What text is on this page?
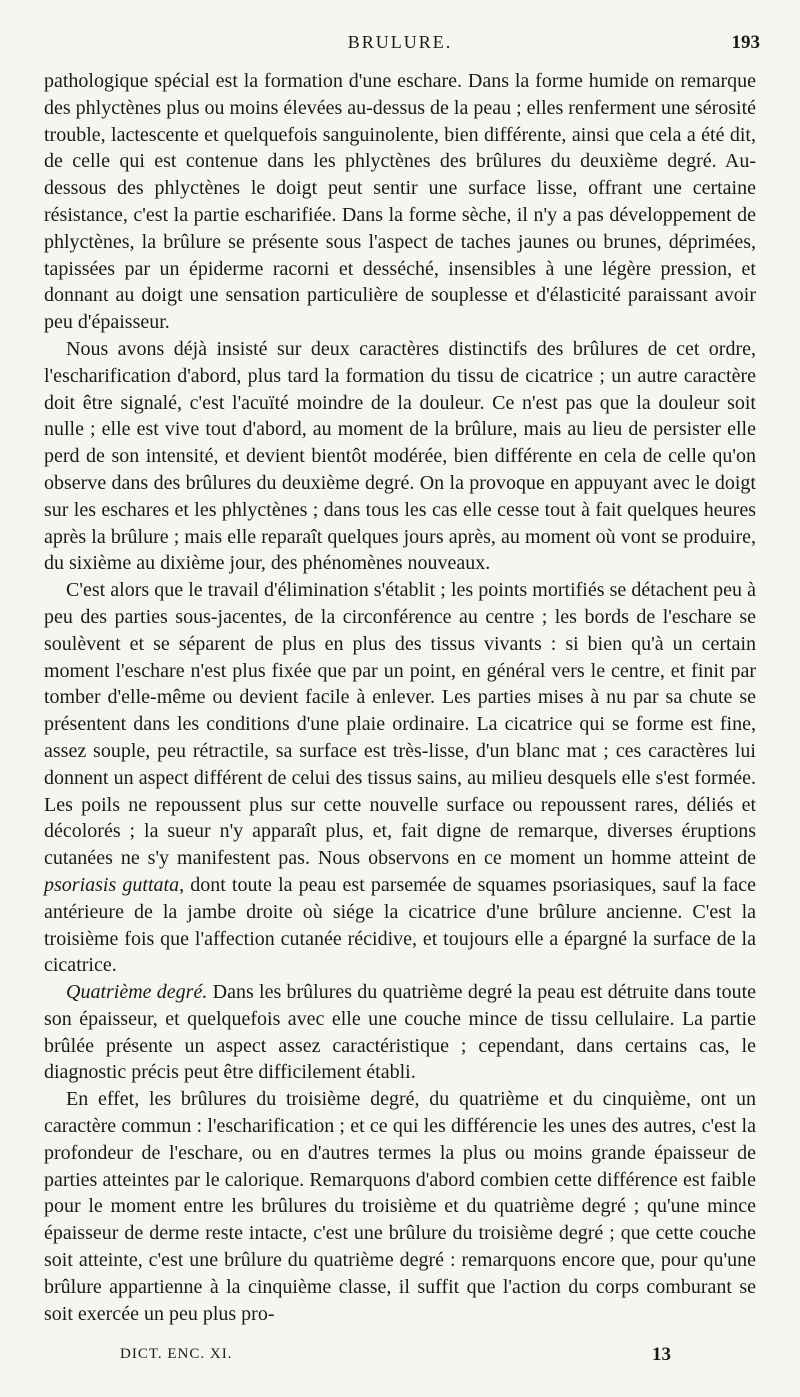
BRULURE.	193

pathologique spécial est la formation d'une eschare. Dans la forme humide on remarque des phlyctènes plus ou moins élevées au-dessus de la peau ; elles renferment une sérosité trouble, lactescente et quelquefois sanguinolente, bien différente, ainsi que cela a été dit, de celle qui est contenue dans les phlyctènes des brûlures du deuxième degré. Au-dessous des phlyctènes le doigt peut sentir une surface lisse, offrant une certaine résistance, c'est la partie escharifiée. Dans la forme sèche, il n'y a pas développement de phlyctènes, la brûlure se présente sous l'aspect de taches jaunes ou brunes, déprimées, tapissées par un épiderme racorni et desséché, insensibles à une légère pression, et donnant au doigt une sensation particulière de souplesse et d'élasticité paraissant avoir peu d'épaisseur.

Nous avons déjà insisté sur deux caractères distinctifs des brûlures de cet ordre, l'escharification d'abord, plus tard la formation du tissu de cicatrice ; un autre caractère doit être signalé, c'est l'acuïté moindre de la douleur. Ce n'est pas que la douleur soit nulle ; elle est vive tout d'abord, au moment de la brûlure, mais au lieu de persister elle perd de son intensité, et devient bientôt modérée, bien différente en cela de celle qu'on observe dans des brûlures du deuxième degré. On la provoque en appuyant avec le doigt sur les eschares et les phlyctènes ; dans tous les cas elle cesse tout à fait quelques heures après la brûlure ; mais elle reparaît quelques jours après, au moment où vont se produire, du sixième au dixième jour, des phénomènes nouveaux.

C'est alors que le travail d'élimination s'établit ; les points mortifiés se détachent peu à peu des parties sous-jacentes, de la circonférence au centre ; les bords de l'eschare se soulèvent et se séparent de plus en plus des tissus vivants : si bien qu'à un certain moment l'eschare n'est plus fixée que par un point, en général vers le centre, et finit par tomber d'elle-même ou devient facile à enlever. Les parties mises à nu par sa chute se présentent dans les conditions d'une plaie ordinaire. La cicatrice qui se forme est fine, assez souple, peu rétractile, sa surface est très-lisse, d'un blanc mat ; ces caractères lui donnent un aspect différent de celui des tissus sains, au milieu desquels elle s'est formée. Les poils ne repoussent plus sur cette nouvelle surface ou repoussent rares, déliés et décolorés ; la sueur n'y apparaît plus, et, fait digne de remarque, diverses éruptions cutanées ne s'y manifestent pas. Nous observons en ce moment un homme atteint de psoriasis guttata, dont toute la peau est parsemée de squames psoriasiques, sauf la face antérieure de la jambe droite où siége la cicatrice d'une brûlure ancienne. C'est la troisième fois que l'affection cutanée récidive, et toujours elle a épargné la surface de la cicatrice.

Quatrième degré. Dans les brûlures du quatrième degré la peau est détruite dans toute son épaisseur, et quelquefois avec elle une couche mince de tissu cellulaire. La partie brûlée présente un aspect assez caractéristique ; cependant, dans certains cas, le diagnostic précis peut être difficilement établi.

En effet, les brûlures du troisième degré, du quatrième et du cinquième, ont un caractère commun : l'escharification ; et ce qui les différencie les unes des autres, c'est la profondeur de l'eschare, ou en d'autres termes la plus ou moins grande épaisseur de parties atteintes par le calorique. Remarquons d'abord combien cette différence est faible pour le moment entre les brûlures du troisième et du quatrième degré ; qu'une mince épaisseur de derme reste intacte, c'est une brûlure du troisième degré ; que cette couche soit atteinte, c'est une brûlure du quatrième degré : remarquons encore que, pour qu'une brûlure appartienne à la cinquième classe, il suffit que l'action du corps comburant se soit exercée un peu plus pro-

DICT. ENC. XI.	13
